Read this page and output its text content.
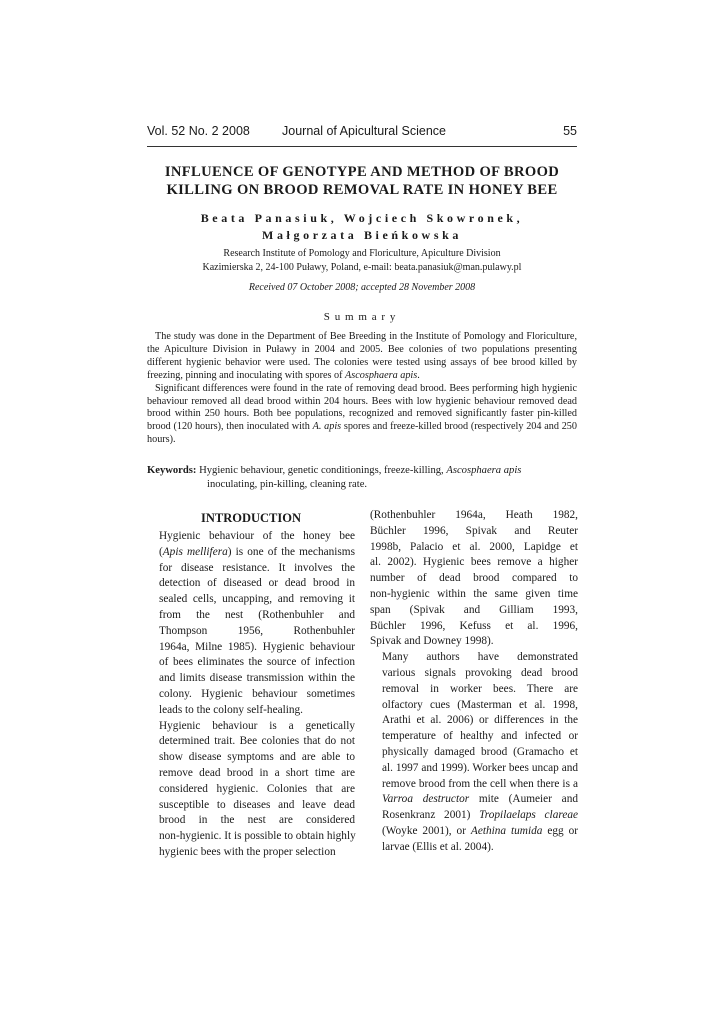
Vol. 52 No. 2 2008	Journal of Apicultural Science	55
INFLUENCE OF GENOTYPE AND METHOD OF BROOD
KILLING ON BROOD REMOVAL RATE IN HONEY BEE
Beata Panasiuk, Wojciech Skowronek,
Małgorzata Bieńkowska
Research Institute of Pomology and Floriculture, Apiculture Division
Kazimierska 2, 24-100 Puławy, Poland, e-mail: beata.panasiuk@man.pulawy.pl
Received 07 October 2008; accepted 28 November 2008
Summary

The study was done in the Department of Bee Breeding in the Institute of Pomology and Floriculture, the Apiculture Division in Puławy in 2004 and 2005. Bee colonies of two populations presenting different hygienic behavior were used. The colonies were tested using assays of bee brood killed by freezing, pinning and inoculating with spores of Ascosphaera apis.

Significant differences were found in the rate of removing dead brood. Bees performing high hygienic behaviour removed all dead brood within 204 hours. Bees with low hygienic behaviour removed dead brood within 250 hours. Both bee populations, recognized and removed significantly faster pin-killed brood (120 hours), then inoculated with A. apis spores and freeze-killed brood (respectively 204 and 250 hours).

Keywords: Hygienic behaviour, genetic conditionings, freeze-killing, Ascosphaera apis
inoculating, pin-killing, cleaning rate.
INTRODUCTION

Hygienic behaviour of the honey bee
(Apis mellifera) is one of the mechanisms
for disease resistance. It involves the
detection of diseased or dead brood in
sealed cells, uncapping, and removing it
from the nest (Rothenbuhler and
Thompson 1956, Rothenbuhler
1964a, Milne 1985). Hygienic behaviour
of bees eliminates the source of infection
and limits disease transmission within the
colony. Hygienic behaviour sometimes
leads to the colony self-healing.

Hygienic behaviour is a genetically
determined trait. Bee colonies that do not
show disease symptoms and are able to
remove dead brood in a short time are
considered hygienic. Colonies that are
susceptible to diseases and leave dead
brood in the nest are considered
non-hygienic. It is possible to obtain highly
hygienic bees with the proper selection

(Rothenbuhler 1964a, Heath 1982,
Büchler 1996, Spivak and Reuter
1998b, Palacio et al. 2000, Lapidge et
al. 2002). Hygienic bees remove a higher
number of dead brood compared to
non-hygienic within the same given time
span (Spivak and Gilliam 1993,
Büchler 1996, Kefuss et al. 1996,
Spivak and Downey 1998).

Many authors have demonstrated
various signals provoking dead brood
removal in worker bees. There are
olfactory cues (Masterman et al. 1998,
Arathi et al. 2006) or differences in the
temperature of healthy and infected or
physically damaged brood (Gramacho et
al. 1997 and 1999). Worker bees uncap and
remove brood from the cell when there is a
Varroa destructor mite (Aumeier and
Rosenkranz 2001) Tropilaelaps clareae
(Woyke 2001), or Aethina tumida egg or
larvae (Ellis et al. 2004).
